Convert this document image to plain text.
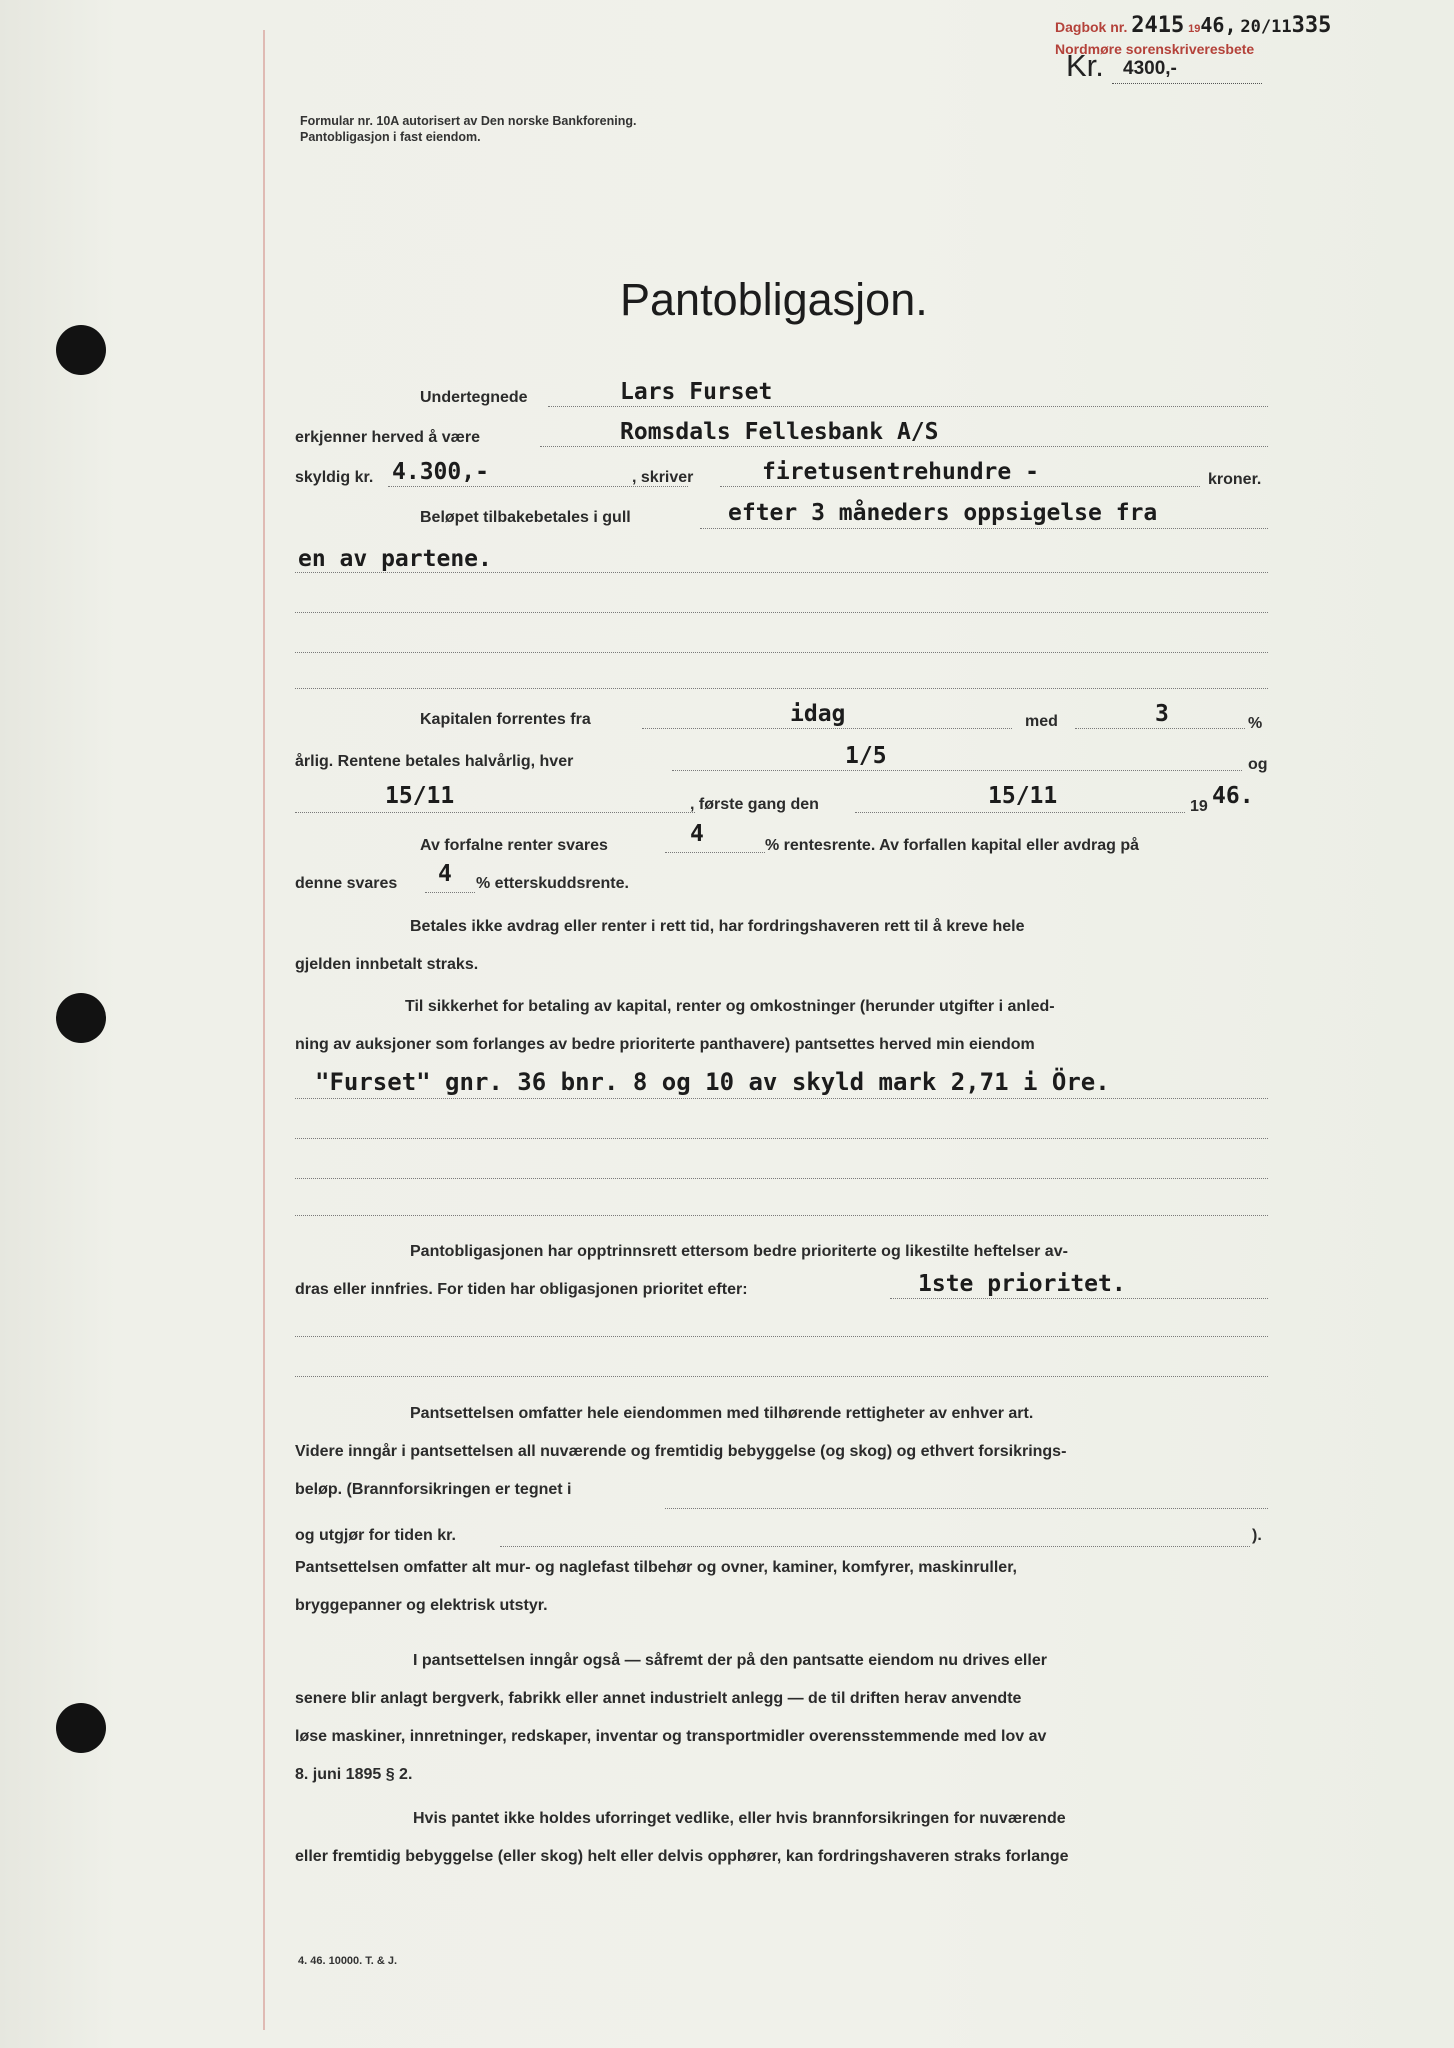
Formular nr. 10A autorisert av Den norske Bankforening.
Pantobligasjon i fast eiendom.
Dagbok nr. 2415 1946, 20/11335
Nordmøre sorenskriveresbete
Kr. 4300,-
Pantobligasjon.
Undertegnede	Lars Furset
erkjenner herved å være	Romsdals Fellesbank A/S
skyldig kr. 4.300,-	, skriver	firetusentrehundre -	kroner.
Beløpet tilbakebetales i gull	efter 3 måneders oppsigelse fra
en av partene.
Kapitalen forrentes fra	idag	med	3	%
årlig. Rentene betales halvårlig, hver	1/5	og
15/11	, første gang den	15/11	19 46.
Av forfalne renter svares	4	% rentesrente. Av forfallen kapital eller avdrag på
denne svares 4 % etterskuddsrente.
Betales ikke avdrag eller renter i rett tid, har fordringshaveren rett til å kreve hele
gjelden innbetalt straks.
Til sikkerhet for betaling av kapital, renter og omkostninger (herunder utgifter i anled-
ning av auksjoner som forlanges av bedre prioriterte panthavere) pantsettes herved min eiendom
"Furset" gnr. 36 bnr. 8 og 10 av skyld mark 2,71 i Öre.
Pantobligasjonen har opptrinnsrett ettersom bedre prioriterte og likestilte heftelser av-
dras eller innfries. For tiden har obligasjonen prioritet efter:	1ste prioritet.
Pantsettelsen omfatter hele eiendommen med tilhørende rettigheter av enhver art.
Videre inngår i pantsettelsen all nuværende og fremtidig bebyggelse (og skog) og ethvert forsikrings-
beløp. (Brannforsikringen er tegnet i
og utgjør for tiden kr.	).
Pantsettelsen omfatter alt mur- og naglefast tilbehør og ovner, kaminer, komfyrer, maskinruller,
bryggepanner og elektrisk utstyr.
I pantsettelsen inngår også — såfremt der på den pantsatte eiendom nu drives eller
senere blir anlagt bergverk, fabrikk eller annet industrielt anlegg — de til driften herav anvendte
løse maskiner, innretninger, redskaper, inventar og transportmidler overensstemmende med lov av
8. juni 1895 § 2.
Hvis pantet ikke holdes uforringet vedlike, eller hvis brannforsikringen for nuværende
eller fremtidig bebyggelse (eller skog) helt eller delvis opphører, kan fordringshaveren straks forlange
4. 46. 10000. T. & J.
